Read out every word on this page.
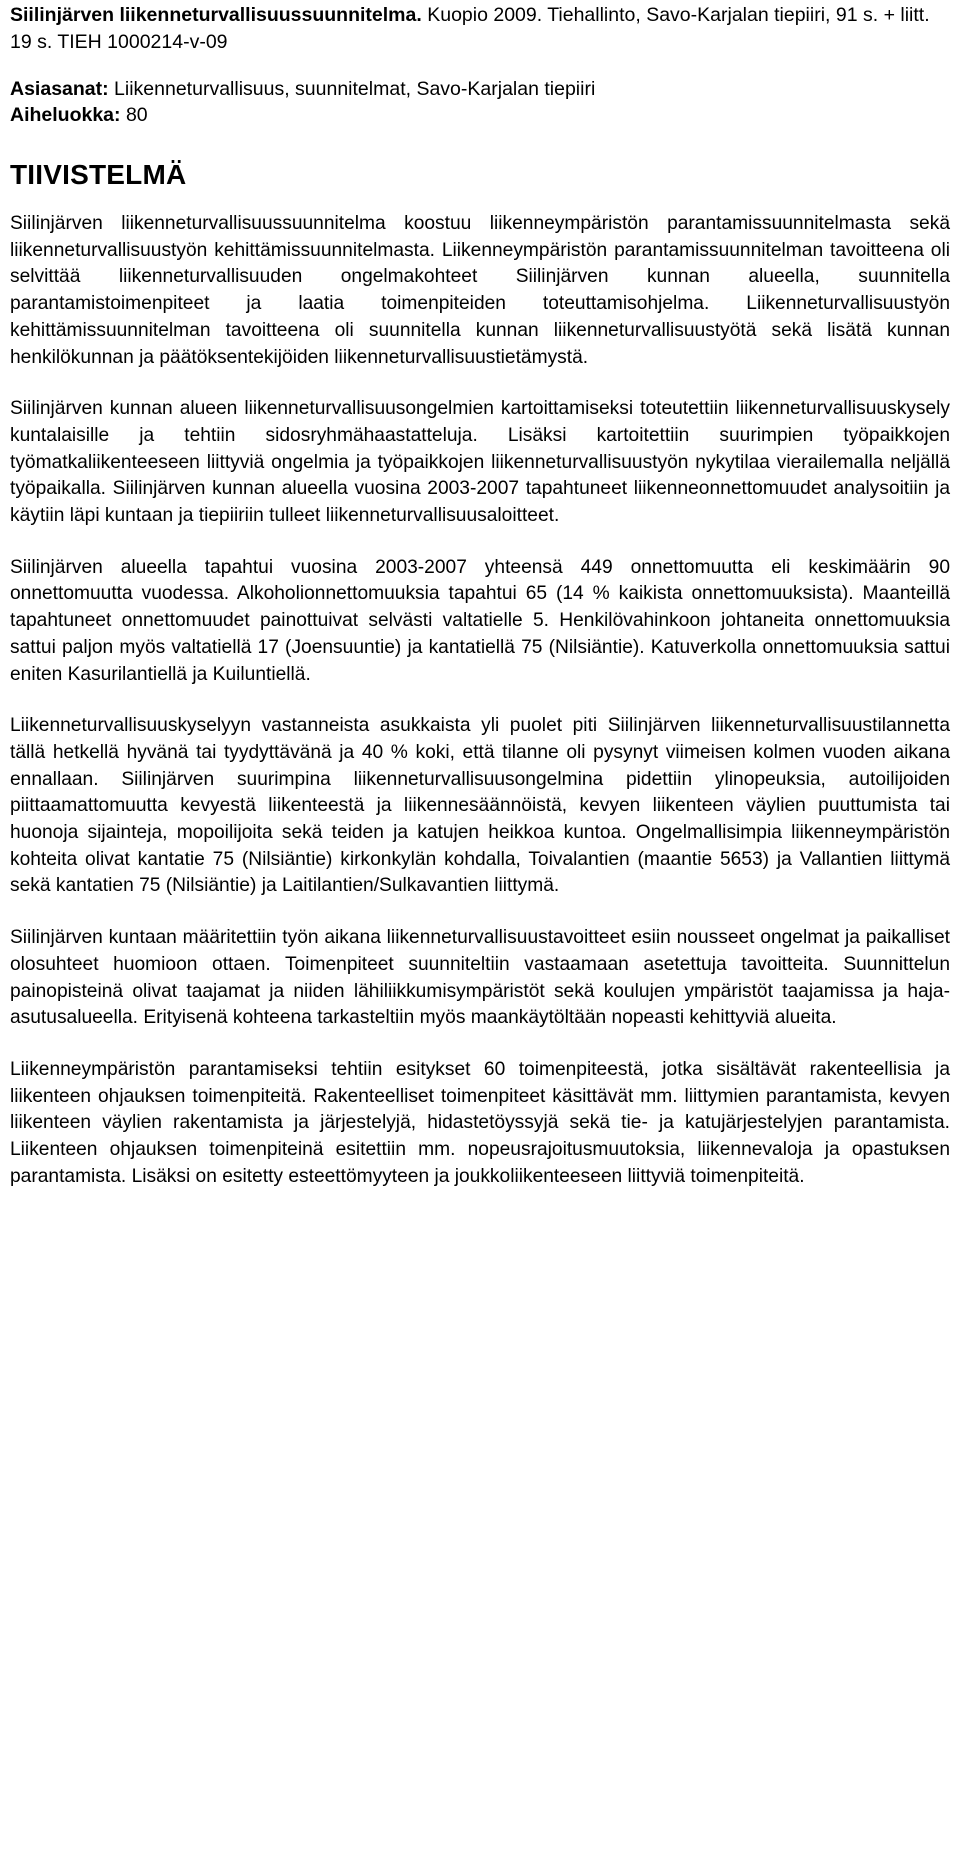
Siilinjärven liikenneturvallisuussuunnitelma. Kuopio 2009. Tiehallinto, Savo-Karjalan tiepiiri, 91 s. + liitt. 19 s. TIEH 1000214-v-09
Asiasanat: Liikenneturvallisuus, suunnitelmat, Savo-Karjalan tiepiiri
Aiheluokka: 80
TIIVISTELMÄ

Siilinjärven liikenneturvallisuussuunnitelma koostuu liikenneympäristön parantamissuunnitelmasta sekä liikenneturvallisuustyön kehittämissuunnitelmasta. Liikenneympäristön parantamissuunnitelman tavoitteena oli selvittää liikenneturvallisuuden ongelmakohteet Siilinjärven kunnan alueella, suunnitella parantamistoimenpiteet ja laatia toimenpiteiden toteuttamisohjelma. Liikenneturvallisuustyön kehittämissuunnitelman tavoitteena oli suunnitella kunnan liikenneturvallisuustyötä sekä lisätä kunnan henkilökunnan ja päätöksentekijöiden liikenneturvallisuustietämystä.

Siilinjärven kunnan alueen liikenneturvallisuusongelmien kartoittamiseksi toteutettiin liikenneturvallisuuskysely kuntalaisille ja tehtiin sidosryhmähaastatteluja. Lisäksi kartoitettiin suurimpien työpaikkojen työmatkaliikenteeseen liittyviä ongelmia ja työpaikkojen liikenneturvallisuustyön nykytilaa vierailemalla neljällä työpaikalla. Siilinjärven kunnan alueella vuosina 2003-2007 tapahtuneet liikenneonnettomuudet analysoitiin ja käytiin läpi kuntaan ja tiepiiriin tulleet liikenneturvallisuusaloitteet.

Siilinjärven alueella tapahtui vuosina 2003-2007 yhteensä 449 onnettomuutta eli keskimäärin 90 onnettomuutta vuodessa. Alkoholionnettomuuksia tapahtui 65 (14 % kaikista onnettomuuksista). Maanteillä tapahtuneet onnettomuudet painottuivat selvästi valtatielle 5. Henkilövahinkoon johtaneita onnettomuuksia sattui paljon myös valtatiellä 17 (Joensuuntie) ja kantatiellä 75 (Nilsiäntie). Katuverkolla onnettomuuksia sattui eniten Kasurilantiellä ja Kuiluntiellä.

Liikenneturvallisuuskyselyyn vastanneista asukkaista yli puolet piti Siilinjärven liikenneturvallisuustilannetta tällä hetkellä hyvänä tai tyydyttävänä ja 40 % koki, että tilanne oli pysynyt viimeisen kolmen vuoden aikana ennallaan. Siilinjärven suurimpina liikenneturvallisuusongelmina pidettiin ylinopeuksia, autoilijoiden piittaamattomuutta kevyestä liikenteestä ja liikennesäännöistä, kevyen liikenteen väylien puuttumista tai huonoja sijainteja, mopoilijoita sekä teiden ja katujen heikkoa kuntoa. Ongelmallisimpia liikenneympäristön kohteita olivat kantatie 75 (Nilsiäntie) kirkonkylän kohdalla, Toivalantien (maantie 5653) ja Vallantien liittymä sekä kantatien 75 (Nilsiäntie) ja Laitilantien/Sulkavantien liittymä.

Siilinjärven kuntaan määritettiin työn aikana liikenneturvallisuustavoitteet esiin nousseet ongelmat ja paikalliset olosuhteet huomioon ottaen. Toimenpiteet suunniteltiin vastaamaan asetettuja tavoitteita. Suunnittelun painopisteinä olivat taajamat ja niiden lähiliikkumisympäristöt sekä koulujen ympäristöt taajamissa ja haja-asutusalueella. Erityisenä kohteena tarkasteltiin myös maankäytöltään nopeasti kehittyviä alueita.

Liikenneympäristön parantamiseksi tehtiin esitykset 60 toimenpiteestä, jotka sisältävät rakenteellisia ja liikenteen ohjauksen toimenpiteitä. Rakenteelliset toimenpiteet käsittävät mm. liittymien parantamista, kevyen liikenteen väylien rakentamista ja järjestelyjä, hidastetöyssyjä sekä tie- ja katujärjestelyjen parantamista. Liikenteen ohjauksen toimenpiteinä esitettiin mm. nopeusrajoitusmuutoksia, liikennevaloja ja opastuksen parantamista. Lisäksi on esitetty esteettömyyteen ja joukkoliikenteeseen liittyviä toimenpiteitä.
